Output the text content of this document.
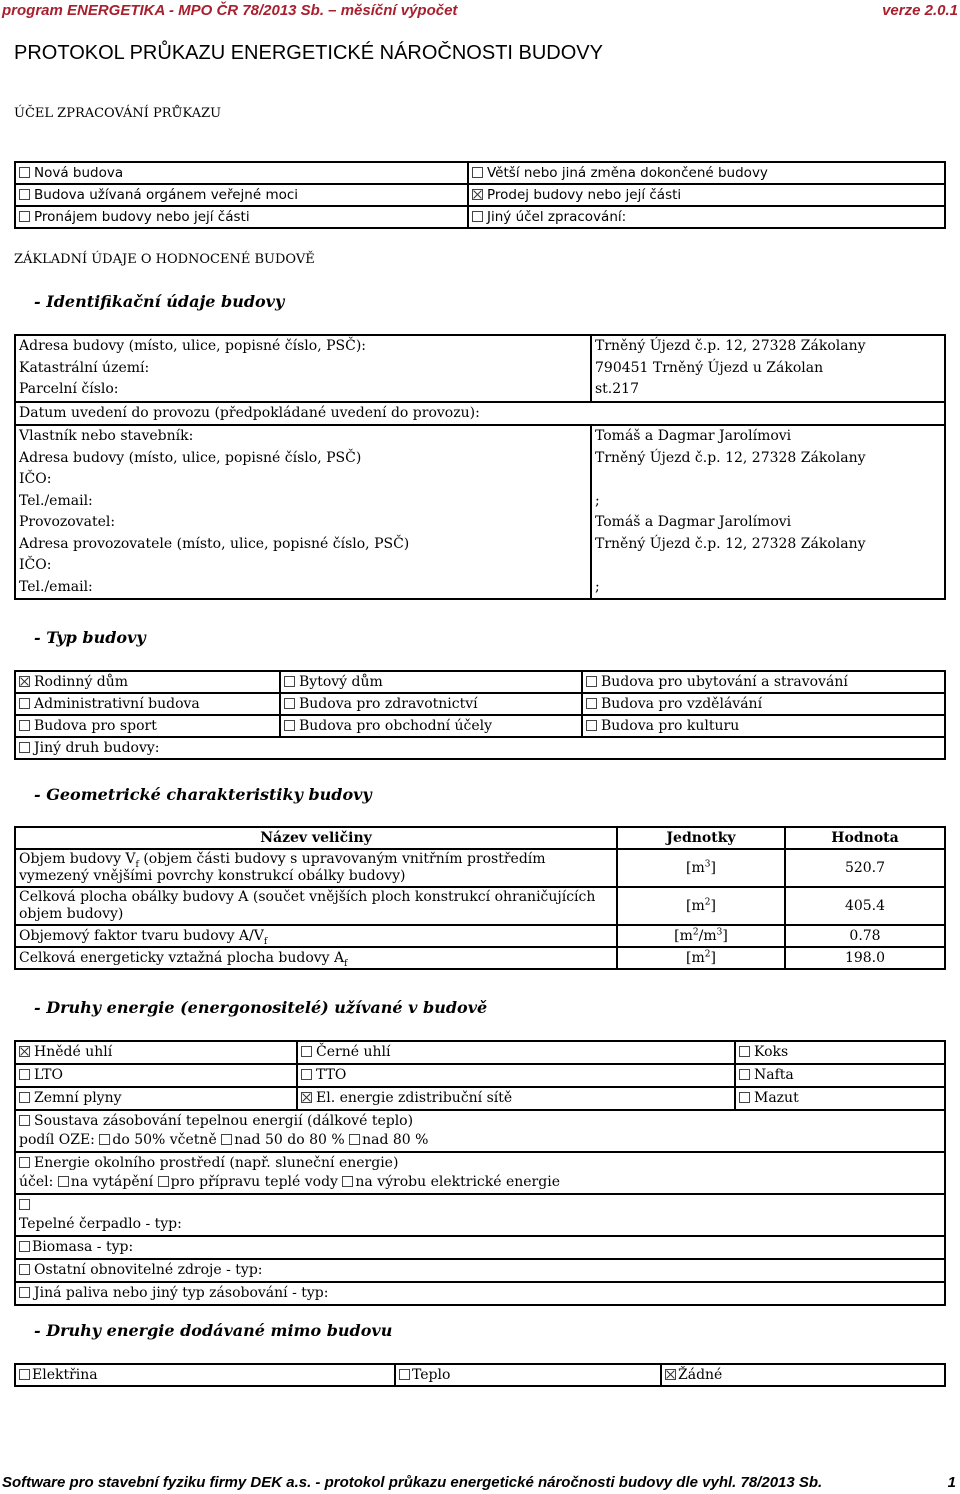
program ENERGETIKA - MPO ČR 78/2013 Sb. – měsíční výpočet	verze 2.0.1
PROTOKOL PRŮKAZU ENERGETICKÉ NÁROČNOSTI BUDOVY
ÚČEL ZPRACOVÁNÍ PRŮKAZU
Nová budova	Větší nebo jiná změna dokončené budovy
Budova užívaná orgánem veřejné moci	Prodej budovy nebo její části
Pronájem budovy nebo její části	Jiný účel zpracování:
ZÁKLADNÍ ÚDAJE O HODNOCENÉ BUDOVĚ
- Identifikační údaje budovy
Adresa budovy (místo, ulice, popisné číslo, PSČ):	Trněný Újezd č.p. 12, 27328 Zákolany
Katastrální území:	790451 Trněný Újezd u Zákolan
Parcelní číslo:	st.217
Datum uvedení do provozu (předpokládané uvedení do provozu):	
Vlastník nebo stavebník:	Tomáš a Dagmar Jarolímovi
Adresa budovy (místo, ulice, popisné číslo, PSČ)	Trněný Újezd č.p. 12, 27328 Zákolany
IČO:	
Tel./email:	;
Provozovatel:	Tomáš a Dagmar Jarolímovi
Adresa provozovatele (místo, ulice, popisné číslo, PSČ)	Trněný Újezd č.p. 12, 27328 Zákolany
IČO:	
Tel./email:	;
- Typ budovy
Rodinný dům	Bytový dům	Budova pro ubytování a stravování
Administrativní budova	Budova pro zdravotnictví	Budova pro vzdělávání
Budova pro sport	Budova pro obchodní účely	Budova pro kulturu
Jiný druh budovy:		
- Geometrické charakteristiky budovy
Název veličiny	Jednotky	Hodnota
Objem budovy $V_f$ (objem části budovy s upravovaným vnitřním prostředím vymezený vnějšími povrchy konstrukcí obálky budovy)	$[m^3]$	520.7
Celková plocha obálky budovy A (součet vnějších ploch konstrukcí ohraničujících objem budovy)	$[m^2]$	405.4
Objemový faktor tvaru budovy $A/V_f$	$[m^2/m^3]$	0.78
Celková energeticky vztažná plocha budovy $A_f$	$[m^2]$	198.0
- Druhy energie (energonositelé) užívané v budově
Hnědé uhlí	Černé uhlí	Koks
LTO	TTO	Nafta
Zemní plyny	El. energie zdistribuční sítě	Mazut
Soustava zásobování tepelnou energií (dálkové teplo)
podíl OZE: do 50% včetně nad 50 do 80 % nad 80 %		
Energie okolního prostředí (např. sluneční energie)
účel: na vytápění pro přípravu teplé vody na výrobu elektrické energie		

Tepelné čerpadlo - typ:		
Biomasa - typ:		
Ostatní obnovitelné zdroje - typ:		
Jiná paliva nebo jiný typ zásobování - typ:		
- Druhy energie dodávané mimo budovu
Elektřina	Teplo	Žádné
Software pro stavební fyziku firmy DEK a.s. - protokol průkazu energetické náročnosti budovy dle vyhl. 78/2013 Sb.	1
